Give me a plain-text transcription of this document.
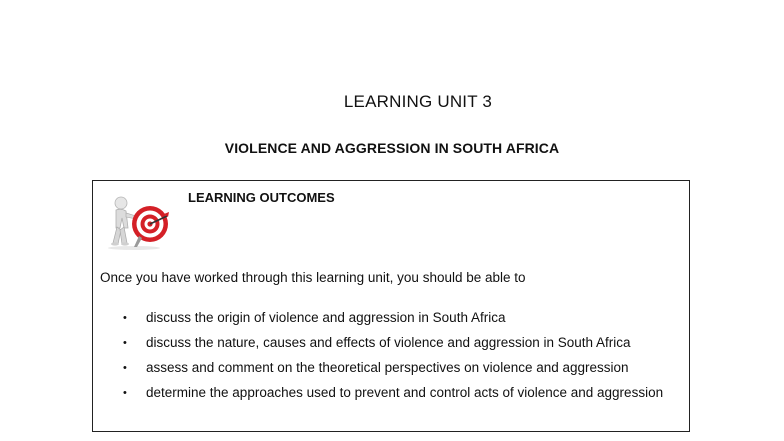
LEARNING UNIT 3
VIOLENCE AND AGGRESSION IN SOUTH AFRICA
LEARNING OUTCOMES
Once you have worked through this learning unit, you should be able to
• discuss the origin of violence and aggression in South Africa
• discuss the nature, causes and effects of violence and aggression in South Africa
• assess and comment on the theoretical perspectives on violence and aggression
• determine the approaches used to prevent and control acts of violence and aggression
